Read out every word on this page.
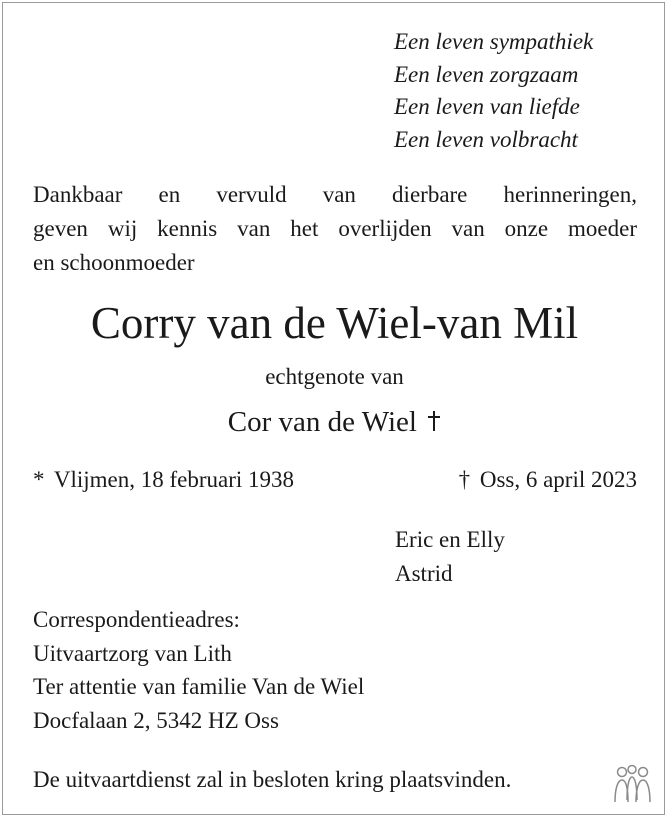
Een leven sympathiek
Een leven zorgzaam
Een leven van liefde
Een leven volbracht
Dankbaar en vervuld van dierbare herinneringen,
geven wij kennis van het overlijden van onze moeder
en schoonmoeder
Corry van de Wiel-van Mil
echtgenote van
Cor van de Wiel
* Vlijmen, 18 februari 1938	† Oss, 6 april 2023
Eric en Elly
Astrid
Correspondentieadres:
Uitvaartzorg van Lith
Ter attentie van familie Van de Wiel
Docfalaan 2, 5342 HZ Oss
De uitvaartdienst zal in besloten kring plaatsvinden.
